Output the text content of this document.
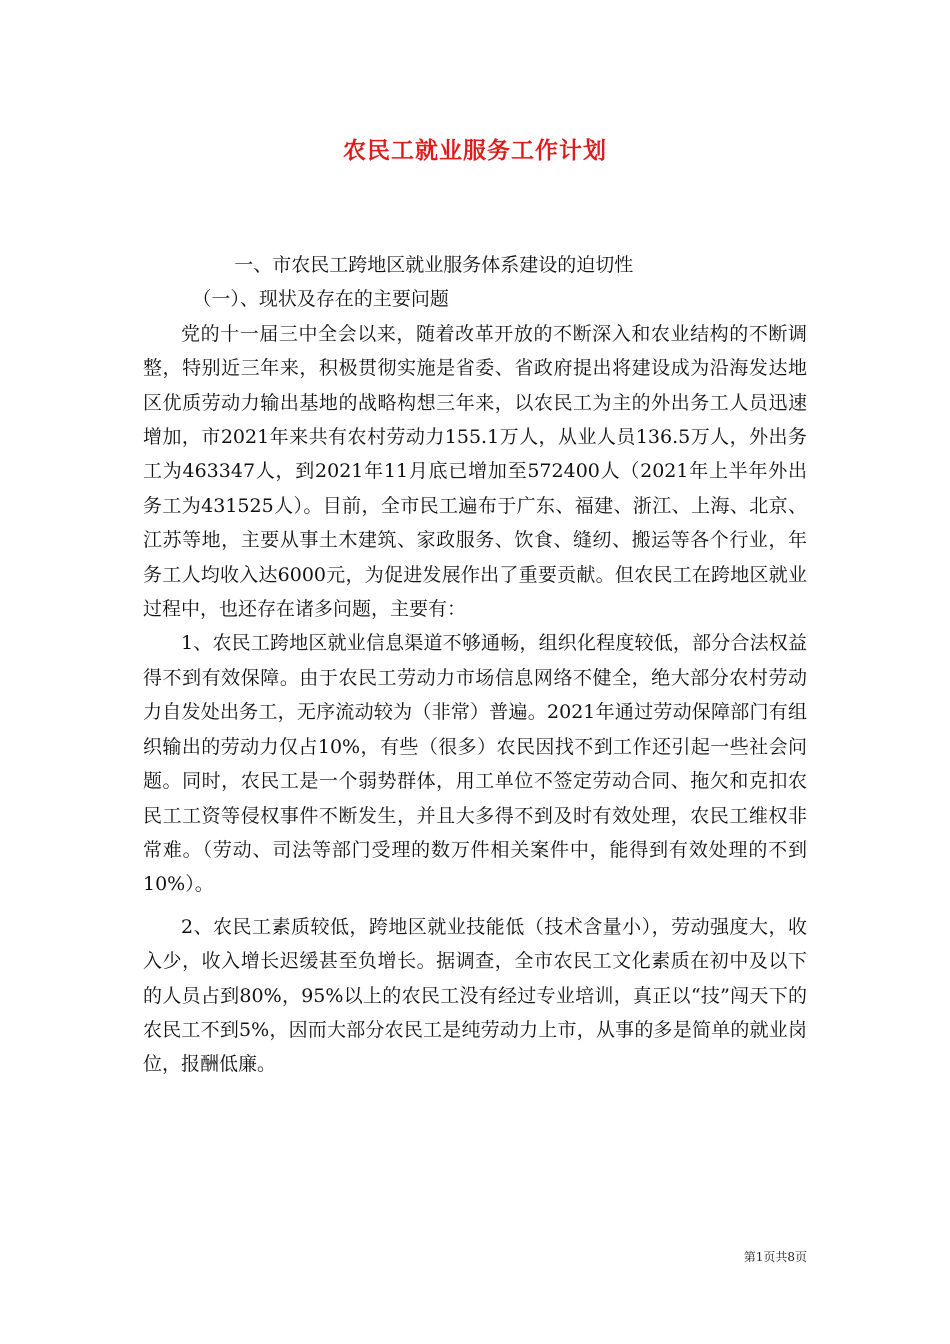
农民工就业服务工作计划

一、市农民工跨地区就业服务体系建设的迫切性

（一）、现状及存在的主要问题

党的十一届三中全会以来，随着改革开放的不断深入和农业结构的不断调整，特别近三年来，积极贯彻实施是省委、省政府提出将建设成为沿海发达地区优质劳动力输出基地的战略构想三年来，以农民工为主的外出务工人员迅速增加，市2021年来共有农村劳动力155.1万人，从业人员136.5万人，外出务工为463347人，到2021年11月底已增加至572400人（2021年上半年外出务工为431525人）。目前，全市民工遍布于广东、福建、浙江、上海、北京、江苏等地，主要从事土木建筑、家政服务、饮食、缝纫、搬运等各个行业，年务工人均收入达6000元，为促进发展作出了重要贡献。但农民工在跨地区就业过程中，也还存在诸多问题，主要有：

1、农民工跨地区就业信息渠道不够通畅，组织化程度较低，部分合法权益得不到有效保障。由于农民工劳动力市场信息网络不健全，绝大部分农村劳动力自发处出务工，无序流动较为（非常）普遍。2021年通过劳动保障部门有组织输出的劳动力仅占10%，有些（很多）农民因找不到工作还引起一些社会问题。同时，农民工是一个弱势群体，用工单位不签定劳动合同、拖欠和克扣农民工工资等侵权事件不断发生，并且大多得不到及时有效处理，农民工维权非常难。（劳动、司法等部门受理的数万件相关案件中，能得到有效处理的不到10%）。

2、农民工素质较低，跨地区就业技能低（技术含量小），劳动强度大，收入少，收入增长迟缓甚至负增长。据调查，全市农民工文化素质在初中及以下的人员占到80%，95%以上的农民工没有经过专业培训，真正以“技”闯天下的农民工不到5%，因而大部分农民工是纯劳动力上市，从事的多是简单的就业岗位，报酬低廉。

第1页共8页
